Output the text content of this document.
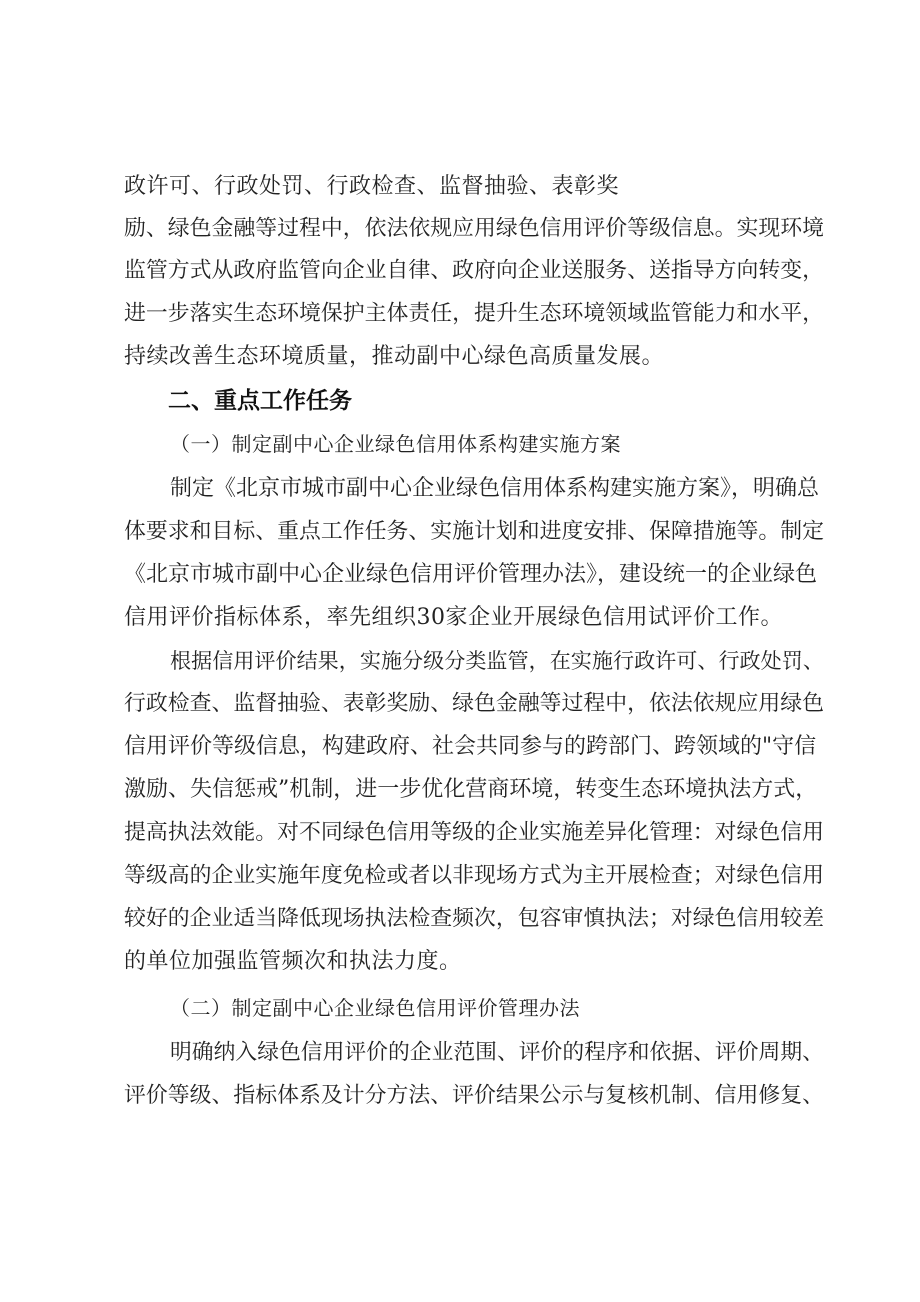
政许可、行政处罚、行政检查、监督抽验、表彰奖
励、绿色金融等过程中，依法依规应用绿色信用评价等级信息。实现环境
监管方式从政府监管向企业自律、政府向企业送服务、送指导方向转变，
进一步落实生态环境保护主体责任，提升生态环境领域监管能力和水平，
持续改善生态环境质量，推动副中心绿色高质量发展。
二、重点工作任务
（一）制定副中心企业绿色信用体系构建实施方案
制定《北京市城市副中心企业绿色信用体系构建实施方案》，明确总
体要求和目标、重点工作任务、实施计划和进度安排、保障措施等。制定
《北京市城市副中心企业绿色信用评价管理办法》，建设统一的企业绿色
信用评价指标体系，率先组织30家企业开展绿色信用试评价工作。
根据信用评价结果，实施分级分类监管，在实施行政许可、行政处罚、
行政检查、监督抽验、表彰奖励、绿色金融等过程中，依法依规应用绿色
信用评价等级信息，构建政府、社会共同参与的跨部门、跨领域的"守信
激励、失信惩戒”机制，进一步优化营商环境，转变生态环境执法方式，
提高执法效能。对不同绿色信用等级的企业实施差异化管理：对绿色信用
等级高的企业实施年度免检或者以非现场方式为主开展检查；对绿色信用
较好的企业适当降低现场执法检查频次，包容审慎执法；对绿色信用较差
的单位加强监管频次和执法力度。
（二）制定副中心企业绿色信用评价管理办法
明确纳入绿色信用评价的企业范围、评价的程序和依据、评价周期、
评价等级、指标体系及计分方法、评价结果公示与复核机制、信用修复、
